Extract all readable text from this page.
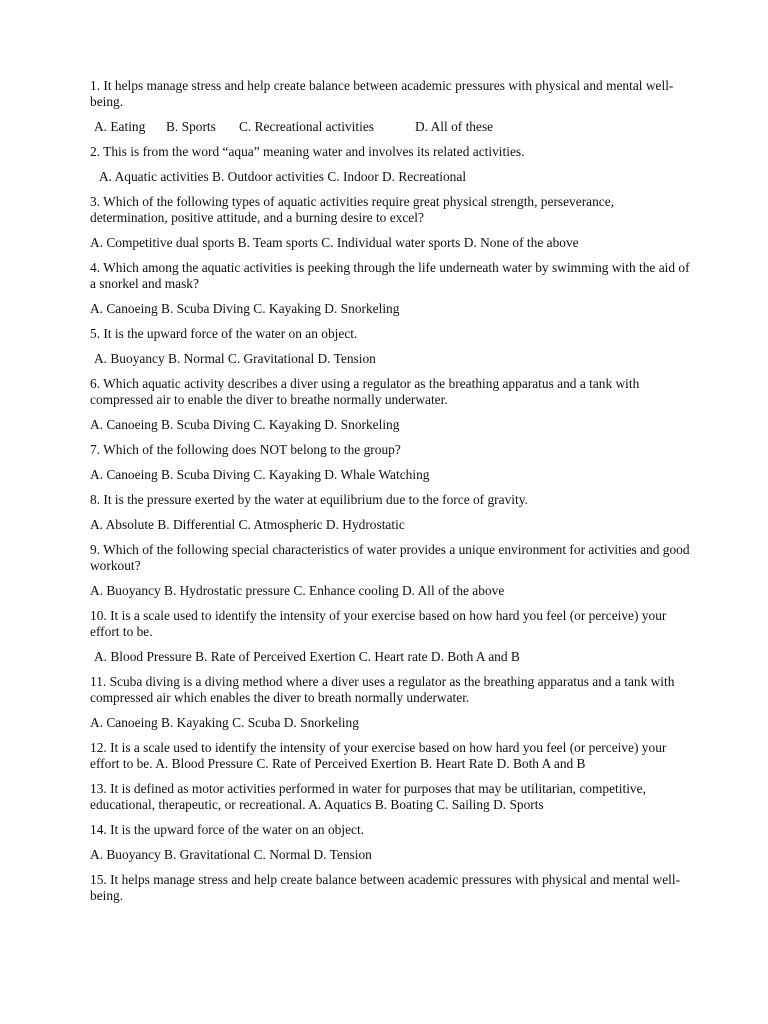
1. It helps manage stress and help create balance between academic pressures with physical and mental well-being.

A. Eating B. Sports C. Recreational activities	D. All of these

2. This is from the word “aqua” meaning water and involves its related activities.

A. Aquatic activities B. Outdoor activities C. Indoor D. Recreational

3. Which of the following types of aquatic activities require great physical strength, perseverance, determination, positive attitude, and a burning desire to excel?

A. Competitive dual sports B. Team sports C. Individual water sports D. None of the above

4. Which among the aquatic activities is peeking through the life underneath water by swimming with the aid of a snorkel and mask?

A. Canoeing B. Scuba Diving C. Kayaking D. Snorkeling

5. It is the upward force of the water on an object.

A. Buoyancy B. Normal C. Gravitational D. Tension

6. Which aquatic activity describes a diver using a regulator as the breathing apparatus and a tank with compressed air to enable the diver to breathe normally underwater.

A. Canoeing B. Scuba Diving C. Kayaking D. Snorkeling

7. Which of the following does NOT belong to the group?

A. Canoeing B. Scuba Diving C. Kayaking D. Whale Watching

8. It is the pressure exerted by the water at equilibrium due to the force of gravity.

A. Absolute B. Differential C. Atmospheric D. Hydrostatic

9. Which of the following special characteristics of water provides a unique environment for activities and good workout?

A. Buoyancy B. Hydrostatic pressure C. Enhance cooling D. All of the above

10. It is a scale used to identify the intensity of your exercise based on how hard you feel (or perceive) your effort to be.

A. Blood Pressure B. Rate of Perceived Exertion C. Heart rate D. Both A and B

11. Scuba diving is a diving method where a diver uses a regulator as the breathing apparatus and a tank with compressed air which enables the diver to breath normally underwater.

A. Canoeing B. Kayaking C. Scuba D. Snorkeling

12. It is a scale used to identify the intensity of your exercise based on how hard you feel (or perceive) your effort to be. A. Blood Pressure C. Rate of Perceived Exertion B. Heart Rate D. Both A and B

13. It is defined as motor activities performed in water for purposes that may be utilitarian, competitive, educational, therapeutic, or recreational. A. Aquatics B. Boating C. Sailing D. Sports

14. It is the upward force of the water on an object.

A. Buoyancy B. Gravitational C. Normal D. Tension

15. It helps manage stress and help create balance between academic pressures with physical and mental well-being.
